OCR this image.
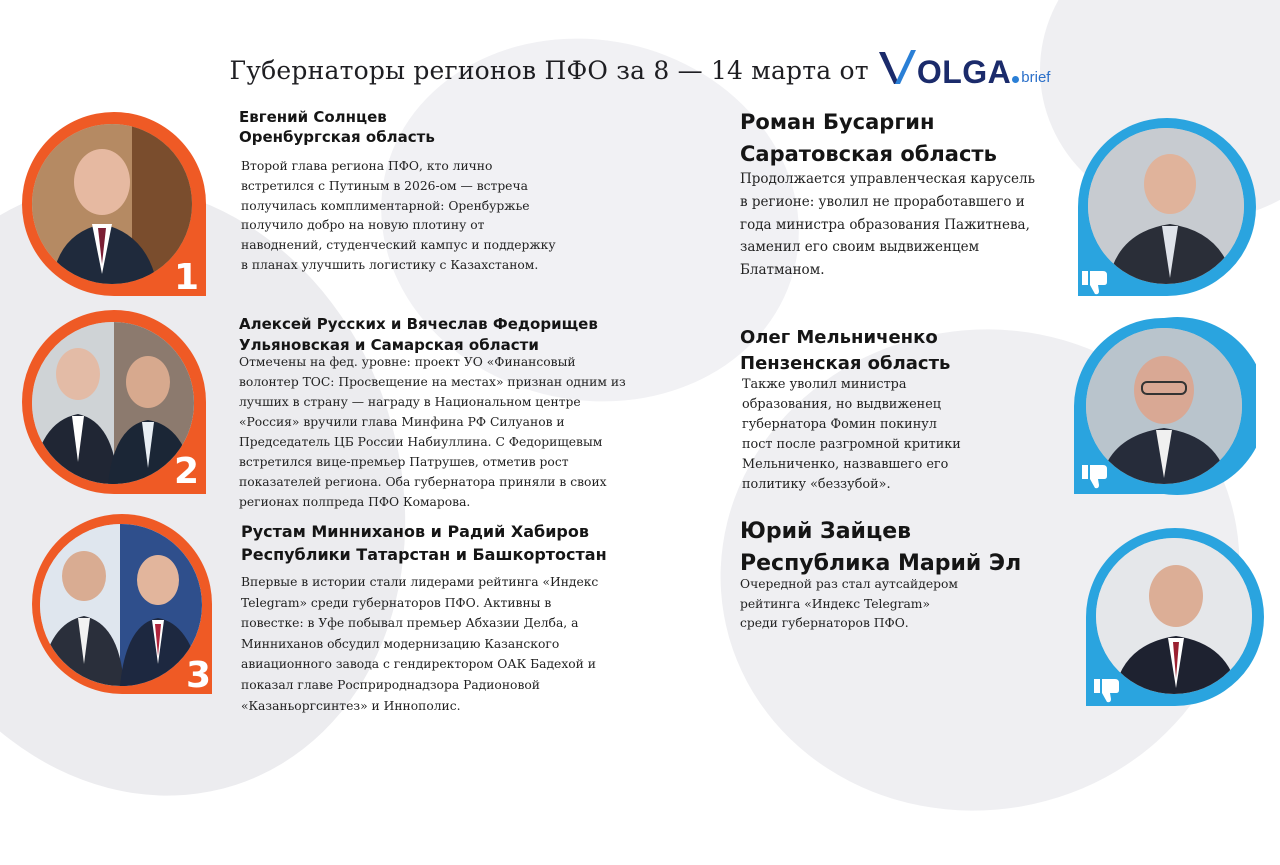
Губернаторы регионов ПФО за 8 — 14 марта от OLGA brief
1
Евгений Солнцев
Оренбургская область
Второй глава региона ПФО, кто лично
встретился с Путиным в 2026-ом — встреча
получилась комплиментарной: Оренбуржье
получило добро на новую плотину от
наводнений, студенческий кампус и поддержку
в планах улучшить логистику с Казахстаном.
2
Алексей Русских и Вячеслав Федорищев
Ульяновская и Самарская области
Отмечены на фед. уровне: проект УО «Финансовый
волонтер ТОС: Просвещение на местах» признан одним из
лучших в страну — награду в Национальном центре
«Россия» вручили глава Минфина РФ Силуанов и
Председатель ЦБ России Набиуллина. С Федорищевым
встретился вице-премьер Патрушев, отметив рост
показателей региона. Оба губернатора приняли в своих
регионах полпреда ПФО Комарова.
3
Рустам Минниханов и Радий Хабиров
Республики Татарстан и Башкортостан
Впервые в истории стали лидерами рейтинга «Индекс
Telegram» среди губернаторов ПФО. Активны в
повестке: в Уфе побывал премьер Абхазии Делба, а
Минниханов обсудил модернизацию Казанского
авиационного завода с гендиректором ОАК Бадехой и
показал главе Росприроднадзора Радионовой
«Казаньоргсинтез» и Иннополис.
Роман Бусаргин
Саратовская область
Продолжается управленческая карусель
в регионе: уволил не проработавшего и
года министра образования Пажитнева,
заменил его своим выдвиженцем
Блатманом.
Олег Мельниченко
Пензенская область
Также уволил министра
образования, но выдвиженец
губернатора Фомин покинул
пост после разгромной критики
Мельниченко, назвавшего его
политику «беззубой».
Юрий Зайцев
Республика Марий Эл
Очередной раз стал аутсайдером
рейтинга «Индекс Telegram»
среди губернаторов ПФО.
